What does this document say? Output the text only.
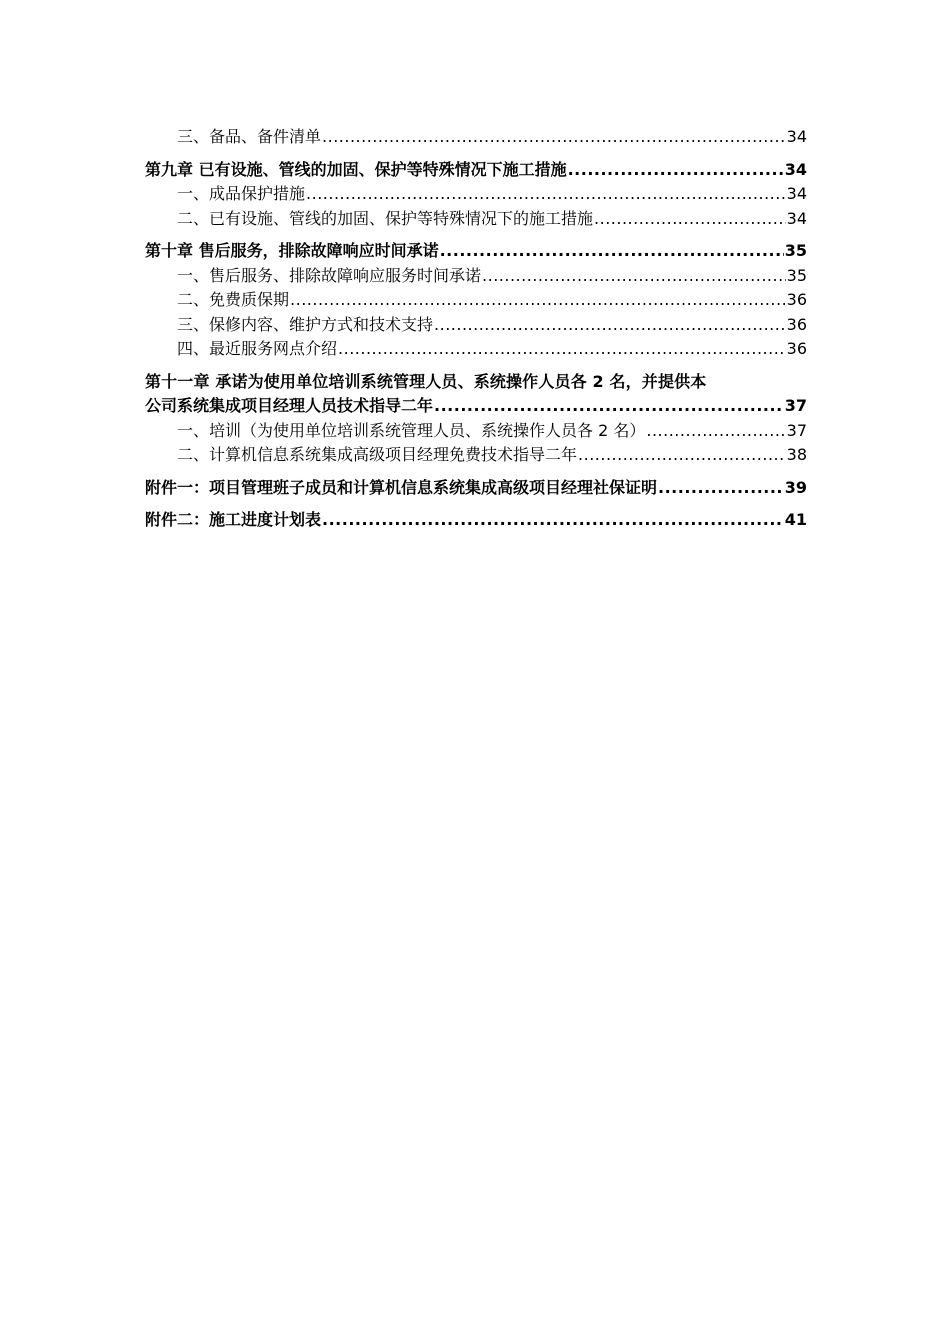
三、备品、备件清单 .....	34
第九章 已有设施、管线的加固、保护等特殊情况下施工措施 .....	34
一、成品保护措施 .....	34
二、已有设施、管线的加固、保护等特殊情况下的施工措施 .....	34
第十章 售后服务，排除故障响应时间承诺 .....	35
一、售后服务、排除故障响应服务时间承诺 .....	35
二、免费质保期 .....	36
三、保修内容、维护方式和技术支持 .....	36
四、最近服务网点介绍 .....	36
第十一章 承诺为使用单位培训系统管理人员、系统操作人员各 2 名，并提供本
公司系统集成项目经理人员技术指导二年 .....	37
一、培训（为使用单位培训系统管理人员、系统操作人员各 2 名） .....	37
二、计算机信息系统集成高级项目经理免费技术指导二年 .....	38
附件一：项目管理班子成员和计算机信息系统集成高级项目经理社保证明 .....	39
附件二：施工进度计划表 .....	41
